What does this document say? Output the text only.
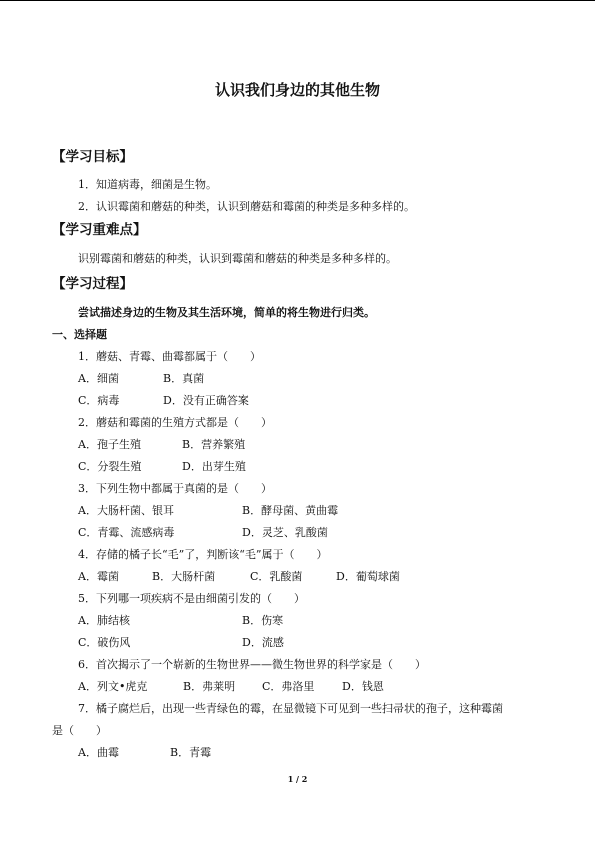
认识我们身边的其他生物
【学习目标】
1．知道病毒，细菌是生物。
2．认识霉菌和蘑菇的种类，认识到蘑菇和霉菌的种类是多种多样的。
【学习重难点】
识别霉菌和蘑菇的种类，认识到霉菌和蘑菇的种类是多种多样的。
【学习过程】
尝试描述身边的生物及其生活环境，简单的将生物进行归类。
一、选择题
1．蘑菇、青霉、曲霉都属于（　　）
A．细菌	B．真菌
C．病毒	D．没有正确答案
2．蘑菇和霉菌的生殖方式都是（　　）
A．孢子生殖	B．营养繁殖
C．分裂生殖	D．出芽生殖
3．下列生物中都属于真菌的是（　　）
A．大肠杆菌、银耳	B．酵母菌、黄曲霉
C．青霉、流感病毒	D．灵芝、乳酸菌
4．存储的橘子长“毛”了，判断该“毛”属于（　　）
A．霉菌	B．大肠杆菌	C．乳酸菌	D．葡萄球菌
5．下列哪一项疾病不是由细菌引发的（　　）
A．肺结核	B．伤寒
C．破伤风	D．流感
6．首次揭示了一个崭新的生物世界——微生物世界的科学家是（　　）
A．列文•虎克	B．弗莱明 C．弗洛里	D．钱恩
7．橘子腐烂后，出现一些青绿色的霉，在显微镜下可见到一些扫帚状的孢子，这种霉菌
是（　　）
A．曲霉	B．青霉
1 / 2
